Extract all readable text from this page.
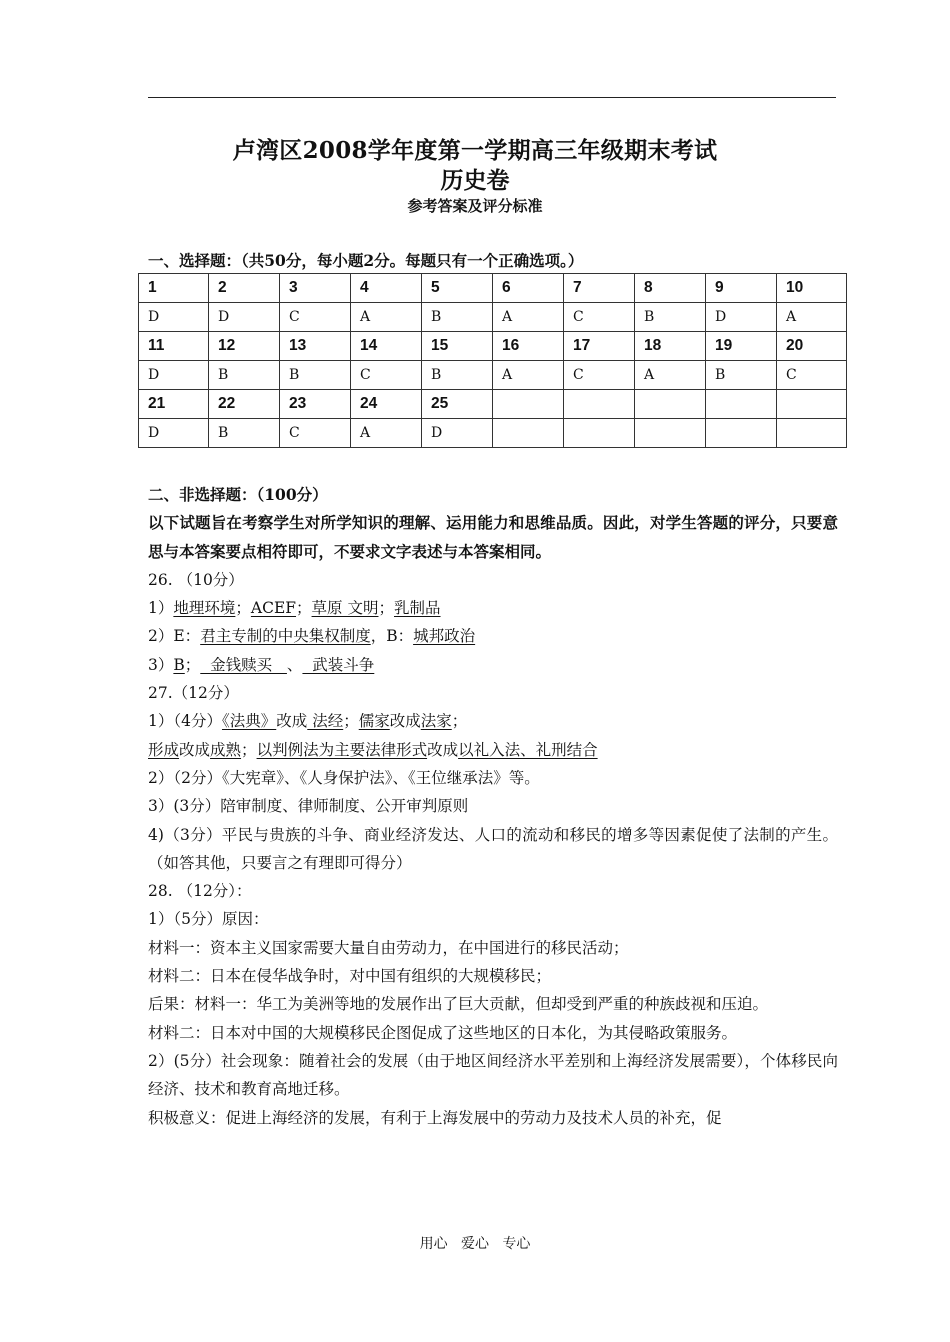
卢湾区2008学年度第一学期高三年级期末考试
历史卷
参考答案及评分标准
一、选择题：（共50分，每小题2分。每题只有一个正确选项。）
1	2	3	4	5	6	7	8	9	10
D	D	C	A	B	A	C	B	D	A
11	12	13	14	15	16	17	18	19	20
D	B	B	C	B	A	C	A	B	C
21	22	23	24	25					
D	B	C	A	D					
二、非选择题：（100分）
以下试题旨在考察学生对所学知识的理解、运用能力和思维品质。因此，对学生答题的评分，只要意思与本答案要点相符即可，不要求文字表述与本答案相同。
26. （10分）
1）地理环境；ACEF；草原 文明；乳制品
2）E：君主专制的中央集权制度，B：城邦政治
3）B；  金钱赎买   、  武装斗争
27.（12分）
1）（4分）《法典》改成 法经；儒家改成法家；
形成改成成熟；以判例法为主要法律形式改成以礼入法、礼刑结合
2）（2分）《大宪章》、《人身保护法》、《王位继承法》等。
3）(3分）陪审制度、律师制度、公开审判原则
4)（3分）平民与贵族的斗争、商业经济发达、人口的流动和移民的增多等因素促使了法制的产生。（如答其他，只要言之有理即可得分）
28. （12分）：
1）（5分）原因：
材料一：资本主义国家需要大量自由劳动力，在中国进行的移民活动；
材料二：日本在侵华战争时，对中国有组织的大规模移民；
后果：材料一：华工为美洲等地的发展作出了巨大贡献，但却受到严重的种族歧视和压迫。
材料二：日本对中国的大规模移民企图促成了这些地区的日本化，为其侵略政策服务。
2）(5分）社会现象：随着社会的发展（由于地区间经济水平差别和上海经济发展需要），个体移民向经济、技术和教育高地迁移。
积极意义：促进上海经济的发展，有利于上海发展中的劳动力及技术人员的补充，促
用心   爱心   专心
